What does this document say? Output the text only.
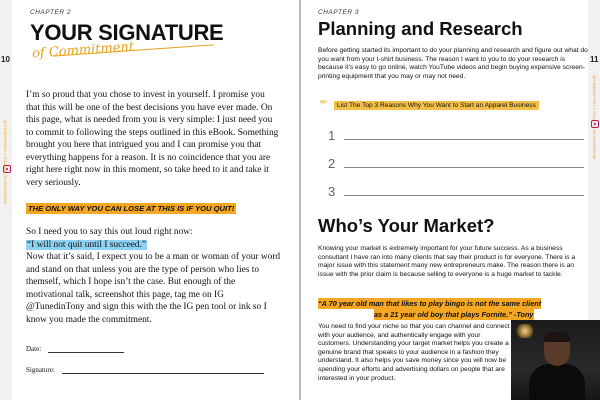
10
@TUNEDINTONY // FOLLOW ON INSTAGRAM
CHAPTER 2
YOUR SIGNATURE
of Commitment

I’m so proud that you chose to invest in yourself. I promise you that this will be one of the best decisions you have ever made. On this page, what is needed from you is very simple: I just need you to commit to following the steps outlined in this eBook. Something brought you here that intrigued you and I can promise you that everything happens for a reason. It is no coincidence that you are right here right now in this moment, so take heed to it and take it very seriously.

THE ONLY WAY YOU CAN LOSE AT THIS IS IF YOU QUIT!

So I need you to say this out loud right now:

“I will not quit until I succeed.”

Now that it’s said, I expect you to be a man or woman of your word and stand on that unless you are the type of person who lies to themself, which I hope isn’t the case. But enough of the motivational talk, screenshot this page, tag me on IG @TunedinTony and sign this with the the IG pen tool or ink so I know you made the commitment.

Date:
Signature:
11
@TUNEDINTONY // FOLLOW ON INSTAGRAM
CHAPTER 3
Planning and Research

Before getting started its important to do your planning and research and figure out what do you want from your t-shirt business. The reason I want to you to do your research is because it’s easy to go online, watch YouTube videos and begin buying expensive screen-printing equipment that you may or may not need.

✏	List The Top 3 Reasons Why You Want to Start an Apparel Business
1
2
3
Who’s Your Market?

Knowing your market is extremely important for your future success. As a business consultant I have ran into many clients that say their product is for everyone. There is a major issue with this statement many new entrepreneurs make. The reason there is an issue with the prior claim is because selling to everyone is a huge market to tackle.

“A 70 year old man that likes to play bingo is not the same client
as a 21 year old boy that plays Fornite.” -Tony

You need to find your niche so that you can channel and connect with your audience, and authentically engage with your customers. Understanding your target market helps you create a genuine brand that speaks to your audience in a fashion they understand. It also helps you save money since you will now be spending your efforts and advertising dollars on people that are interested in your product.
